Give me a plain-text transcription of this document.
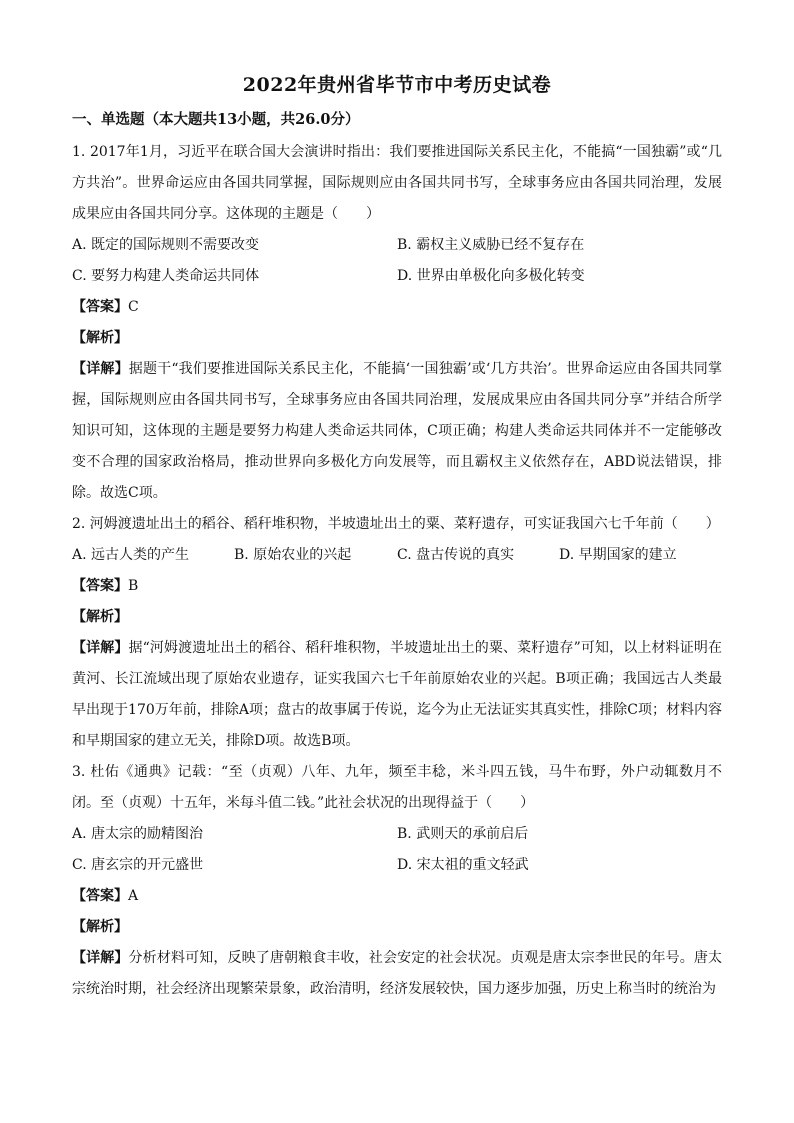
2022年贵州省毕节市中考历史试卷
一、单选题（本大题共13小题，共26.0分）

1. 2017年1月，习近平在联合国大会演讲时指出：我们要推进国际关系民主化，不能搞“一国独霸”或“几方共治”。世界命运应由各国共同掌握，国际规则应由各国共同书写，全球事务应由各国共同治理，发展成果应由各国共同分享。这体现的主题是（　　）

A. 既定的国际规则不需要改变	B. 霸权主义威胁已经不复存在
C. 要努力构建人类命运共同体	D. 世界由单极化向多极化转变

【答案】C

【解析】

【详解】据题干“我们要推进国际关系民主化，不能搞‘一国独霸’或‘几方共治’。世界命运应由各国共同掌握，国际规则应由各国共同书写，全球事务应由各国共同治理，发展成果应由各国共同分享”并结合所学知识可知，这体现的主题是要努力构建人类命运共同体，C项正确；构建人类命运共同体并不一定能够改变不合理的国家政治格局，推动世界向多极化方向发展等，而且霸权主义依然存在，ABD说法错误，排除。故选C项。

2. 河姆渡遗址出土的稻谷、稻秆堆积物，半坡遗址出土的粟、菜籽遗存，可实证我国六七千年前（　　）

A. 远古人类的产生	B. 原始农业的兴起	C. 盘古传说的真实	D. 早期国家的建立

【答案】B

【解析】

【详解】据“河姆渡遗址出土的稻谷、稻秆堆积物，半坡遗址出土的粟、菜籽遗存”可知，以上材料证明在黄河、长江流域出现了原始农业遗存，证实我国六七千年前原始农业的兴起。B项正确；我国远古人类最早出现于170万年前，排除A项；盘古的故事属于传说，迄今为止无法证实其真实性，排除C项；材料内容和早期国家的建立无关，排除D项。故选B项。

3. 杜佑《通典》记载：“至（贞观）八年、九年，频至丰稔，米斗四五钱，马牛布野，外户动辄数月不闭。至（贞观）十五年，米每斗值二钱。”此社会状况的出现得益于（　　）

A. 唐太宗的励精图治	B. 武则天的承前启后
C. 唐玄宗的开元盛世	D. 宋太祖的重文轻武

【答案】A

【解析】

【详解】分析材料可知，反映了唐朝粮食丰收，社会安定的社会状况。贞观是唐太宗李世民的年号。唐太宗统治时期，社会经济出现繁荣景象，政治清明，经济发展较快，国力逐步加强，历史上称当时的统治为
